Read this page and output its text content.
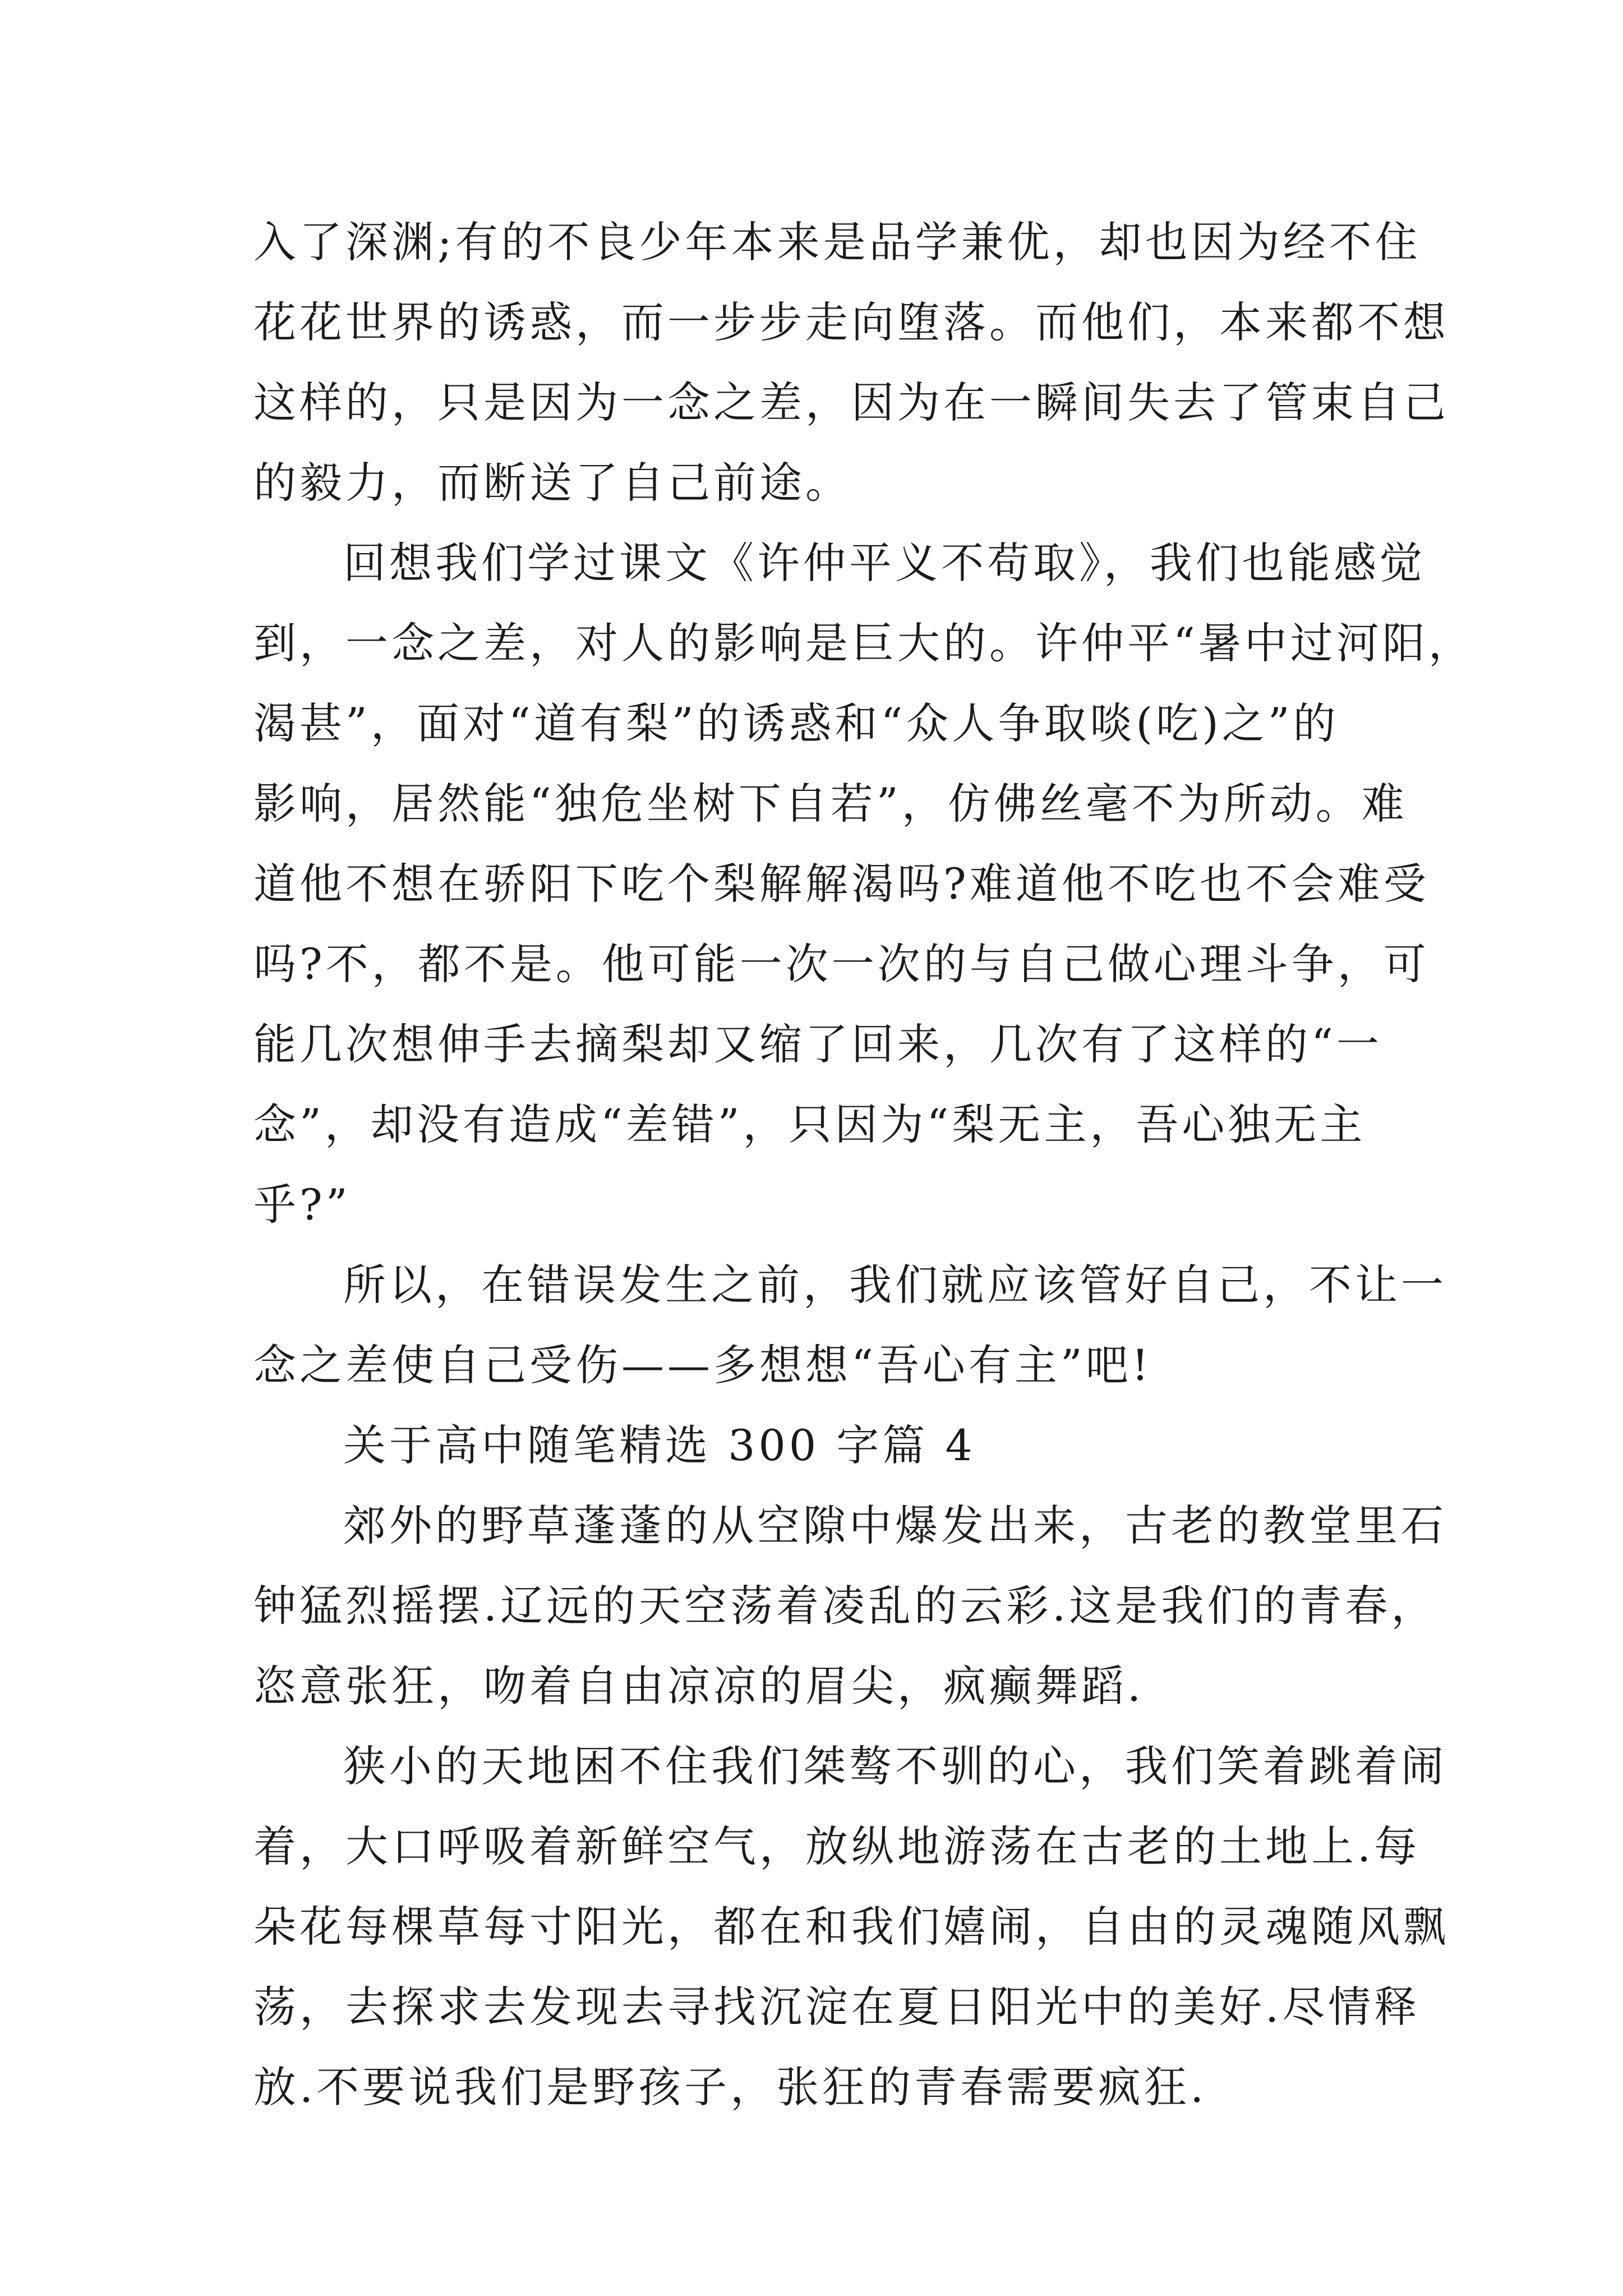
入了深渊;有的不良少年本来是品学兼优，却也因为经不住
花花世界的诱惑，而一步步走向堕落。而他们，本来都不想
这样的，只是因为一念之差，因为在一瞬间失去了管束自己
的毅力，而断送了自己前途。
回想我们学过课文《许仲平义不苟取》，我们也能感觉
到，一念之差，对人的影响是巨大的。许仲平“暑中过河阳，
渴甚”，面对“道有梨”的诱惑和“众人争取啖(吃)之”的
影响，居然能“独危坐树下自若”，仿佛丝毫不为所动。难
道他不想在骄阳下吃个梨解解渴吗?难道他不吃也不会难受
吗?不，都不是。他可能一次一次的与自己做心理斗争，可
能几次想伸手去摘梨却又缩了回来，几次有了这样的“一
念”，却没有造成“差错”，只因为“梨无主，吾心独无主
乎?”
所以，在错误发生之前，我们就应该管好自己，不让一
念之差使自己受伤——多想想“吾心有主”吧!
关于高中随笔精选 300 字篇 4
郊外的野草蓬蓬的从空隙中爆发出来，古老的教堂里石
钟猛烈摇摆.辽远的天空荡着凌乱的云彩.这是我们的青春，
恣意张狂，吻着自由凉凉的眉尖，疯癫舞蹈.
狭小的天地困不住我们桀骜不驯的心，我们笑着跳着闹
着，大口呼吸着新鲜空气，放纵地游荡在古老的土地上.每
朵花每棵草每寸阳光，都在和我们嬉闹，自由的灵魂随风飘
荡，去探求去发现去寻找沉淀在夏日阳光中的美好.尽情释
放.不要说我们是野孩子，张狂的青春需要疯狂.
